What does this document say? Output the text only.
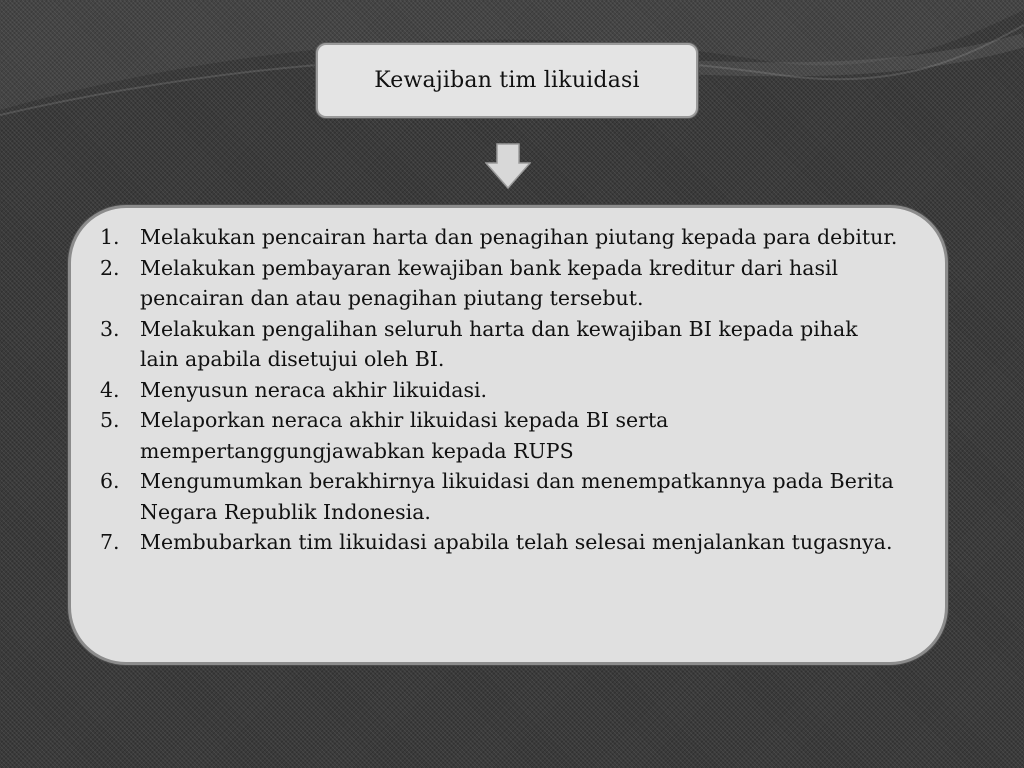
Kewajiban tim likuidasi
1. Melakukan pencairan harta dan penagihan piutang kepada para debitur.
2. Melakukan pembayaran kewajiban bank kepada kreditur dari hasil pencairan dan atau penagihan piutang tersebut.
3. Melakukan pengalihan seluruh harta dan kewajiban BI kepada pihak lain apabila disetujui oleh BI.
4. Menyusun neraca akhir likuidasi.
5. Melaporkan neraca akhir likuidasi kepada BI serta mempertanggungjawabkan kepada RUPS
6. Mengumumkan berakhirnya likuidasi dan menempatkannya pada Berita Negara Republik Indonesia.
7. Membubarkan tim likuidasi apabila telah selesai menjalankan tugasnya.
